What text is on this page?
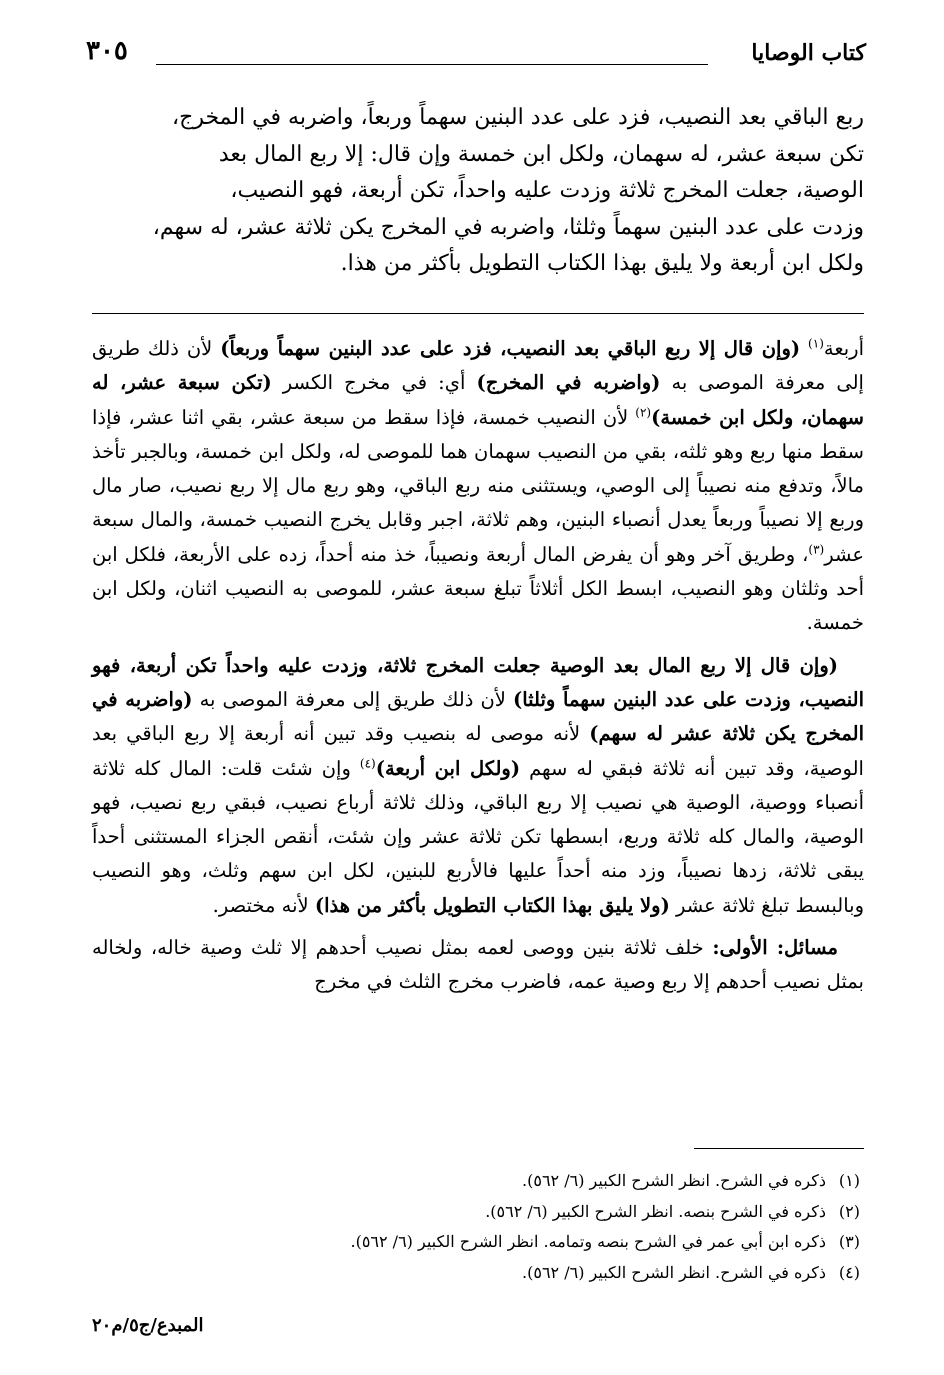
كتاب الوصايا
٣٠٥

ربع الباقي بعد النصيب، فزد على عدد البنين سهماً وربعاً، واضربه في المخرج،

تكن سبعة عشر، له سهمان، ولكل ابن خمسة وإن قال: إلا ربع المال بعد

الوصية، جعلت المخرج ثلاثة وزدت عليه واحداً، تكن أربعة، فهو النصيب،

وزدت على عدد البنين سهماً وثلثا، واضربه في المخرج يكن ثلاثة عشر، له سهم،

ولكل ابن أربعة ولا يليق بهذا الكتاب التطويل بأكثر من هذا.

أربعة$^{(١)}$ (وإن قال إلا ربع الباقي بعد النصيب، فزد على عدد البنين سهماً وربعاً) لأن ذلك طريق إلى معرفة الموصى به (واضربه في المخرج) أي: في مخرج الكسر (تكن سبعة عشر، له سهمان، ولكل ابن خمسة)$^{(٢)}$ لأن النصيب خمسة، فإذا سقط من سبعة عشر، بقي اثنا عشر، فإذا سقط منها ربع وهو ثلثه، بقي من النصيب سهمان هما للموصى له، ولكل ابن خمسة، وبالجبر تأخذ مالاً، وتدفع منه نصيباً إلى الوصي، ويستثنى منه ربع الباقي، وهو ربع مال إلا ربع نصيب، صار مال وربع إلا نصيباً وربعاً يعدل أنصباء البنين، وهم ثلاثة، اجبر وقابل يخرج النصيب خمسة، والمال سبعة عشر$^{(٣)}$، وطريق آخر وهو أن يفرض المال أربعة ونصيباً، خذ منه أحداً، زده على الأربعة، فلكل ابن أحد وثلثان وهو النصيب، ابسط الكل أثلاثاً تبلغ سبعة عشر، للموصى به النصيب اثنان، ولكل ابن خمسة.

(وإن قال إلا ربع المال بعد الوصية جعلت المخرج ثلاثة، وزدت عليه واحداً تكن أربعة، فهو النصيب، وزدت على عدد البنين سهماً وثلثا) لأن ذلك طريق إلى معرفة الموصى به (واضربه في المخرج يكن ثلاثة عشر له سهم) لأنه موصى له بنصيب وقد تبين أنه أربعة إلا ربع الباقي بعد الوصية، وقد تبين أنه ثلاثة فبقي له سهم (ولكل ابن أربعة)$^{(٤)}$ وإن شئت قلت: المال كله ثلاثة أنصباء ووصية، الوصية هي نصيب إلا ربع الباقي، وذلك ثلاثة أرباع نصيب، فبقي ربع نصيب، فهو الوصية، والمال كله ثلاثة وربع، ابسطها تكن ثلاثة عشر وإن شئت، أنقص الجزاء المستثنى أحداً يبقى ثلاثة، زدها نصيباً، وزد منه أحداً عليها فالأربع للبنين، لكل ابن سهم وثلث، وهو النصيب وبالبسط تبلغ ثلاثة عشر (ولا يليق بهذا الكتاب التطويل بأكثر من هذا) لأنه مختصر.

مسائل: الأولى: خلف ثلاثة بنين ووصى لعمه بمثل نصيب أحدهم إلا ثلث وصية خاله، ولخاله بمثل نصيب أحدهم إلا ربع وصية عمه، فاضرب مخرج الثلث في مخرج

(١)ذكره في الشرح. انظر الشرح الكبير (٦/ ٥٦٢).

(٢)ذكره في الشرح بنصه. انظر الشرح الكبير (٦/ ٥٦٢).

(٣)ذكره ابن أبي عمر في الشرح بنصه وتمامه. انظر الشرح الكبير (٦/ ٥٦٢).

(٤)ذكره في الشرح. انظر الشرح الكبير (٦/ ٥٦٢).

المبدع/ج٥/م٢٠
